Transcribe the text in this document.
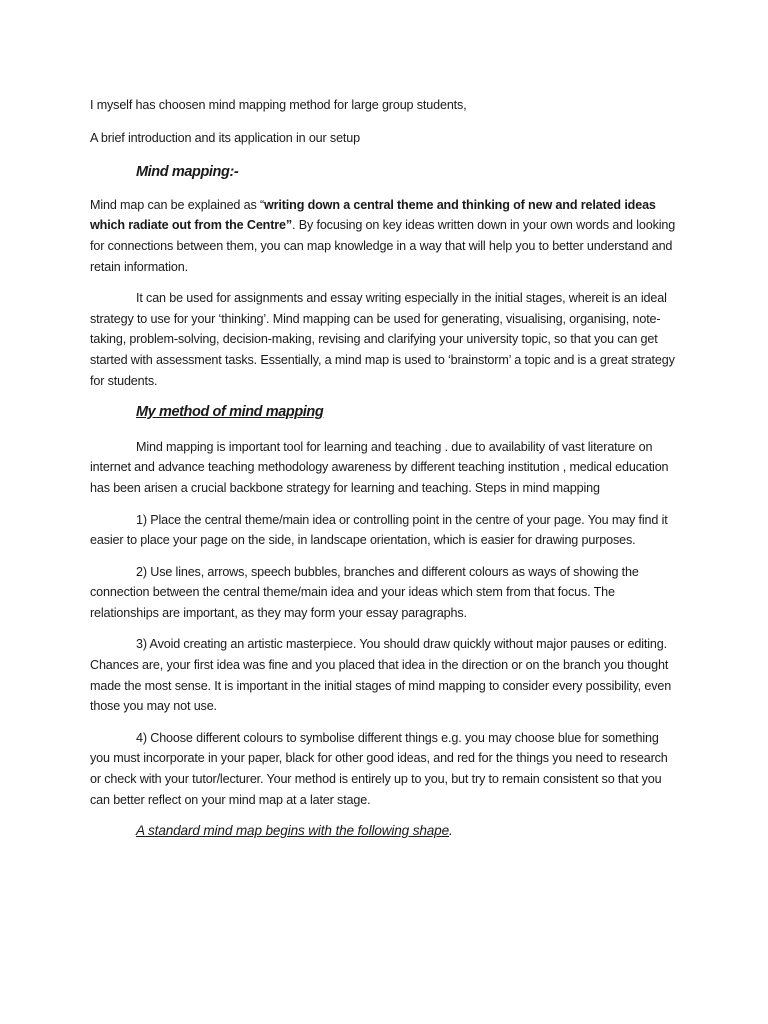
I myself has choosen mind mapping method for large group students,

A brief introduction and its application in our setup

Mind mapping:-

Mind map can be explained as “writing down a central theme and thinking of new and related ideas which radiate out from the Centre”. By focusing on key ideas written down in your own words and looking for connections between them, you can map knowledge in a way that will help you to better understand and retain information.

It can be used for assignments and essay writing especially in the initial stages, whereit is an ideal strategy to use for your ‘thinking’. Mind mapping can be used for generating, visualising, organising, note-taking, problem-solving, decision-making, revising and clarifying your university topic, so that you can get started with assessment tasks. Essentially, a mind map is used to ‘brainstorm’ a topic and is a great strategy for students.

My method of mind mapping

Mind mapping is important tool for learning and teaching . due to availability of vast literature on internet and advance teaching methodology awareness by different teaching institution , medical education has been arisen a crucial backbone strategy for learning and teaching. Steps in mind mapping

1) Place the central theme/main idea or controlling point in the centre of your page. You may find it easier to place your page on the side, in landscape orientation, which is easier for drawing purposes.

2) Use lines, arrows, speech bubbles, branches and different colours as ways of showing the connection between the central theme/main idea and your ideas which stem from that focus. The relationships are important, as they may form your essay paragraphs.

3) Avoid creating an artistic masterpiece. You should draw quickly without major pauses or editing. Chances are, your first idea was fine and you placed that idea in the direction or on the branch you thought made the most sense. It is important in the initial stages of mind mapping to consider every possibility, even those you may not use.

4) Choose different colours to symbolise different things e.g. you may choose blue for something you must incorporate in your paper, black for other good ideas, and red for the things you need to research or check with your tutor/lecturer. Your method is entirely up to you, but try to remain consistent so that you can better reflect on your mind map at a later stage.

A standard mind map begins with the following shape.
